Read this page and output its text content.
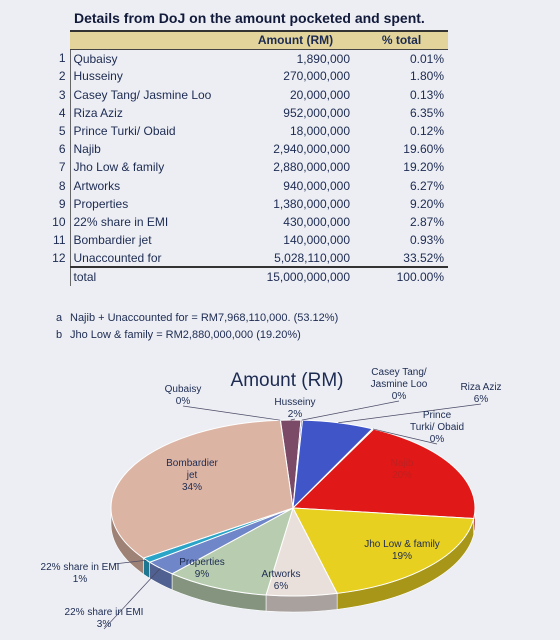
Details from DoJ on the amount pocketed and spent.
		Amount (RM)	% total
1	Qubaisy	1,890,000	0.01%
2	Husseiny	270,000,000	1.80%
3	Casey Tang/ Jasmine Loo	20,000,000	0.13%
4	Riza Aziz	952,000,000	6.35%
5	Prince Turki/ Obaid	18,000,000	0.12%
6	Najib	2,940,000,000	19.60%
7	Jho Low & family	2,880,000,000	19.20%
8	Artworks	940,000,000	6.27%
9	Properties	1,380,000,000	9.20%
10	22% share in EMI	430,000,000	2.87%
11	Bombardier jet	140,000,000	0.93%
12	Unaccounted for	5,028,110,000	33.52%
	total	15,000,000,000	100.00%
a Najib + Unaccounted for = RM7,968,110,000. (53.12%)
b Jho Low & family = RM2,880,000,000 (19.20%)
Qubaisy 0%	Husseiny 2%
Casey Tang/ Jasmine Loo 0%
Riza Aziz 6%
Prince Turki/ Obaid 0%
Najib 20%
Jho Low & family 19%
Artworks 6%
Properties 9%
22% share in EMI 3%
22% share in EMI 1%
Bombardier jet 34%
Amount (RM)
